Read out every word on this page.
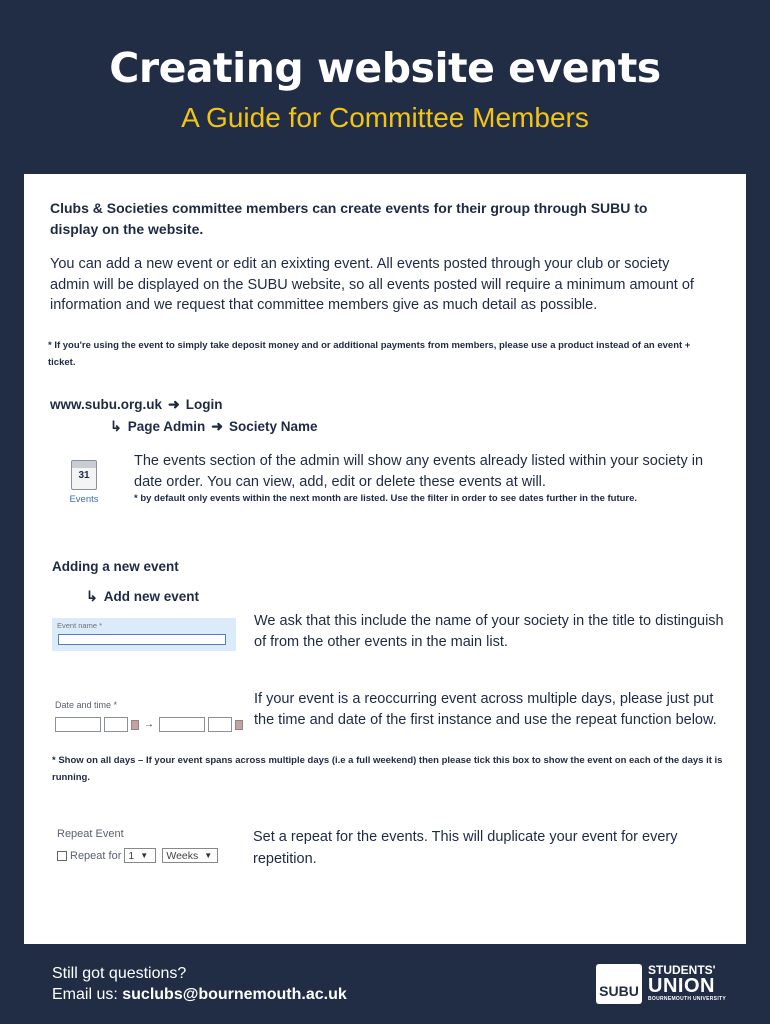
Creating website events
A Guide for Committee Members
Clubs & Societies committee members can create events for their group through SUBU to display on the website.
You can add a new event or edit an exixting event. All events posted through your club or society admin will be displayed on the SUBU website, so all events posted will require a minimum amount of information and we request that committee members give as much detail as possible.
* If you're using the event to simply take deposit money and or additional payments from members, please use a product instead of an event + ticket.
www.subu.org.uk ➜ Login
↳ Page Admin ➜ Society Name
31
Events
The events section of the admin will show any events already listed within your society in date order. You can view, add, edit or delete these events at will.
* by default only events within the next month are listed. Use the filter in order to see dates further in the future.
Adding a new event
↳ Add new event
Event name *	We ask that this include the name of your society in the title to distinguish of from the other events in the main list.
Date and time *
→
If your event is a reoccurring event across multiple days, please just put the time and date of the first instance and use the repeat function below.
* Show on all days – If your event spans across multiple days (i.e a full weekend) then please tick this box to show the event on each of the days it is running.
Repeat Event
Repeat for 1 ▼ Weeks ▼
Set a repeat for the events. This will duplicate your event for every repetition.
Still got questions?
Email us: suclubs@bournemouth.ac.uk	SUBU
STUDENTS'
UNION
BOURNEMOUTH UNIVERSITY
